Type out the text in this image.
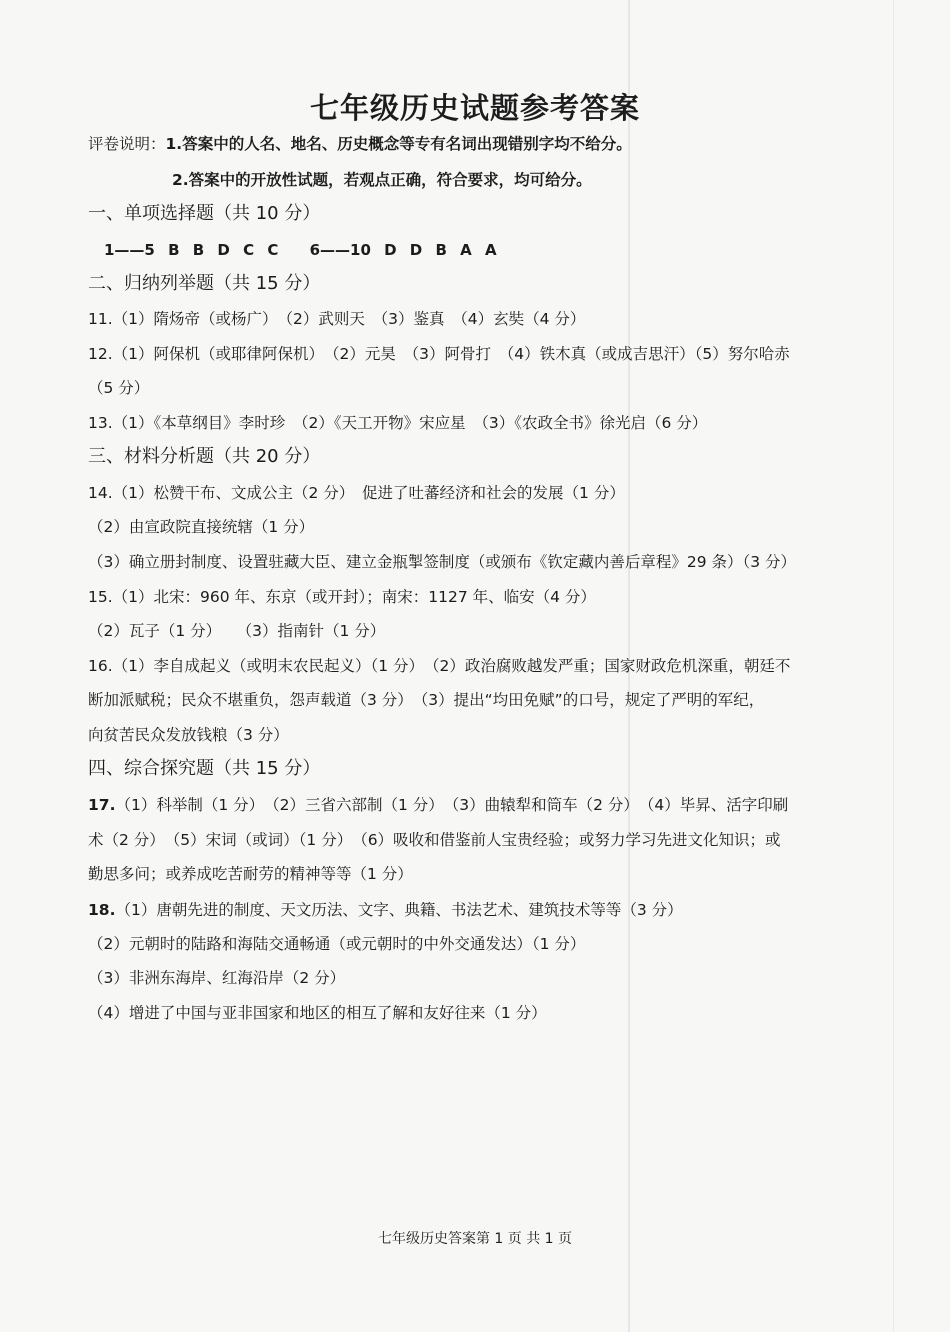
七年级历史试题参考答案
评卷说明：1.答案中的人名、地名、历史概念等专有名词出现错别字均不给分。
2.答案中的开放性试题，若观点正确，符合要求，均可给分。
一、单项选择题（共 10 分）
1——5 B B D C C 6——10 D D B A A
二、归纳列举题（共 15 分）
11.（1）隋炀帝（或杨广）　（2）武则天　（3）鉴真　（4）玄奘（4 分）
12.（1）阿保机（或耶律阿保机）　（2）元昊　（3）阿骨打　（4）铁木真（或成吉思汗）（5）努尔哈赤
（5 分）
13.（1）《本草纲目》李时珍　（2）《天工开物》宋应星　（3）《农政全书》徐光启（6 分）
三、材料分析题（共 20 分）
14.（1）松赞干布、文成公主（2 分）　促进了吐蕃经济和社会的发展（1 分）
（2）由宣政院直接统辖（1 分）
（3）确立册封制度、设置驻藏大臣、建立金瓶掣签制度（或颁布《钦定藏内善后章程》29 条）（3 分）
15.（1）北宋：960 年、东京（或开封）；南宋：1127 年、临安（4 分）
（2）瓦子（1 分）　　（3）指南针（1 分）
16.（1）李自成起义（或明末农民起义）（1 分）　（2）政治腐败越发严重；国家财政危机深重，朝廷不
断加派赋税；民众不堪重负，怨声载道（3 分）　（3）提出“均田免赋”的口号，规定了严明的军纪，
向贫苦民众发放钱粮（3 分）
四、综合探究题（共 15 分）
17.（1）科举制（1 分）　（2）三省六部制（1 分）　（3）曲辕犁和筒车（2 分）　（4）毕昇、活字印刷
术（2 分）　（5）宋词（或词）（1 分）　（6）吸收和借鉴前人宝贵经验；或努力学习先进文化知识；或
勤思多问；或养成吃苦耐劳的精神等等（1 分）
18.（1）唐朝先进的制度、天文历法、文字、典籍、书法艺术、建筑技术等等（3 分）
（2）元朝时的陆路和海陆交通畅通（或元朝时的中外交通发达）（1 分）
（3）非洲东海岸、红海沿岸（2 分）
（4）增进了中国与亚非国家和地区的相互了解和友好往来（1 分）
七年级历史答案第 1 页 共 1 页
